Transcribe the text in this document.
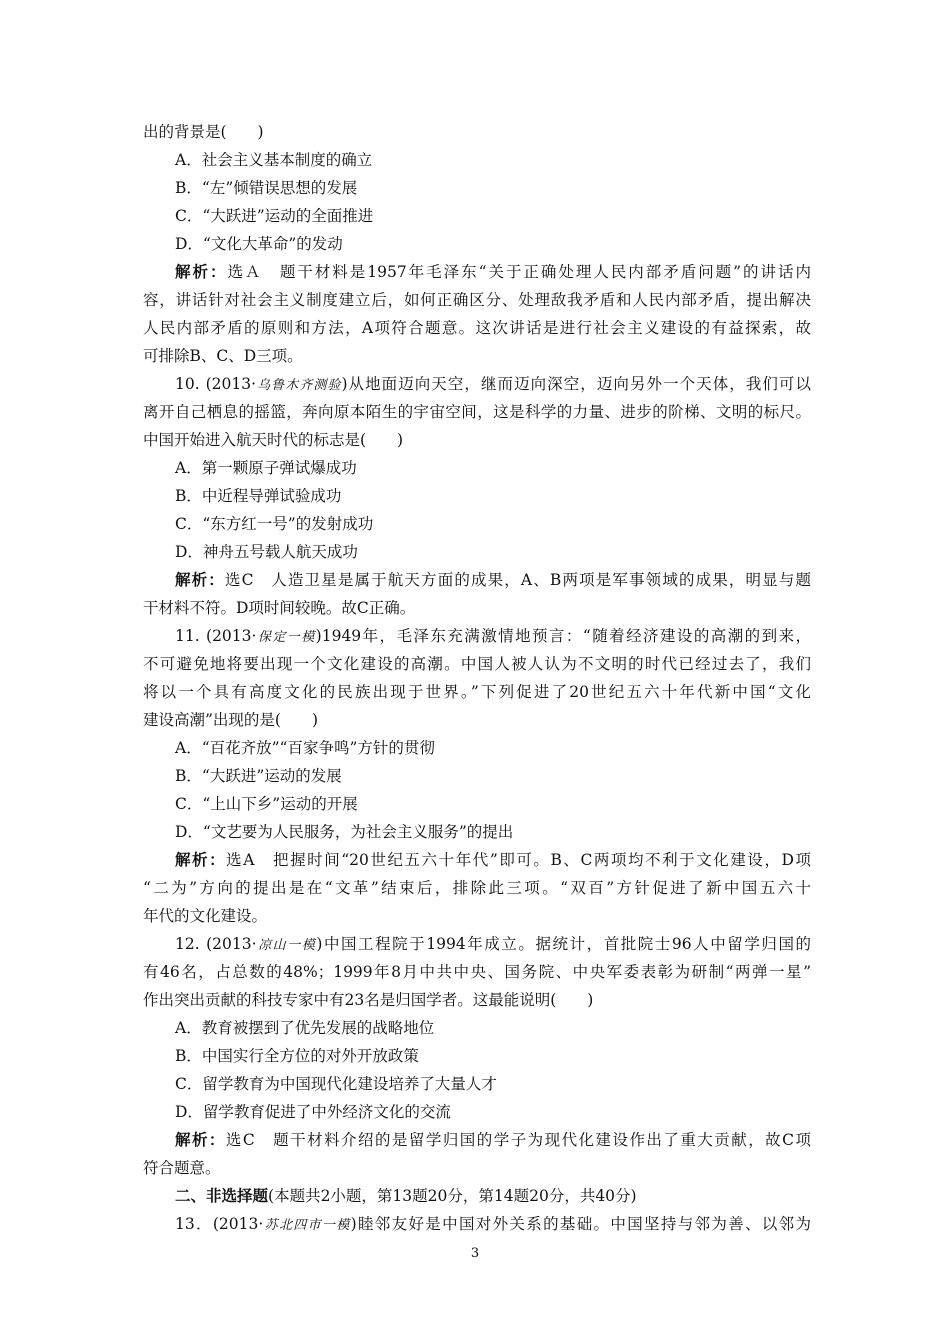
出的背景是(　　)
A．社会主义基本制度的确立
B．“左”倾错误思想的发展
C．“大跃进”运动的全面推进
D．“文化大革命”的发动
解析：选Ａ　题干材料是1957年毛泽东“关于正确处理人民内部矛盾问题”的讲话内
容，讲话针对社会主义制度建立后，如何正确区分、处理敌我矛盾和人民内部矛盾，提出解决
人民内部矛盾的原则和方法，A项符合题意。这次讲话是进行社会主义建设的有益探索，故
可排除B、C、D三项。
10. (2013·乌鲁木齐测验)从地面迈向天空，继而迈向深空，迈向另外一个天体，我们可以
离开自己栖息的摇篮，奔向原本陌生的宇宙空间，这是科学的力量、进步的阶梯、文明的标尺。
中国开始进入航天时代的标志是(　　)
A．第一颗原子弹试爆成功
B．中近程导弹试验成功
C．“东方红一号”的发射成功
D．神舟五号载人航天成功
解析：选C　人造卫星是属于航天方面的成果，A、B两项是军事领域的成果，明显与题
干材料不符。D项时间较晚。故C正确。
11. (2013·保定一模)1949年，毛泽东充满激情地预言：“随着经济建设的高潮的到来，
不可避免地将要出现一个文化建设的高潮。中国人被人认为不文明的时代已经过去了，我们
将以一个具有高度文化的民族出现于世界。”下列促进了20世纪五六十年代新中国“文化
建设高潮”出现的是(　　)
A．“百花齐放”“百家争鸣”方针的贯彻
B．“大跃进”运动的发展
C．“上山下乡”运动的开展
D．“文艺要为人民服务，为社会主义服务”的提出
解析：选A　把握时间“20世纪五六十年代”即可。B、C两项均不利于文化建设，D项
“二为”方向的提出是在“文革”结束后，排除此三项。“双百”方针促进了新中国五六十
年代的文化建设。
12. (2013·凉山一模)中国工程院于1994年成立。据统计，首批院士96人中留学归国的
有46名，占总数的48%；1999年8月中共中央、国务院、中央军委表彰为研制“两弹一星”
作出突出贡献的科技专家中有23名是归国学者。这最能说明(　　)
A．教育被摆到了优先发展的战略地位
B．中国实行全方位的对外开放政策
C．留学教育为中国现代化建设培养了大量人才
D．留学教育促进了中外经济文化的交流
解析：选C　题干材料介绍的是留学归国的学子为现代化建设作出了重大贡献，故C项
符合题意。
二、非选择题(本题共2小题，第13题20分，第14题20分，共40分)
13．(2013·苏北四市一模)睦邻友好是中国对外关系的基础。中国坚持与邻为善、以邻为
3
